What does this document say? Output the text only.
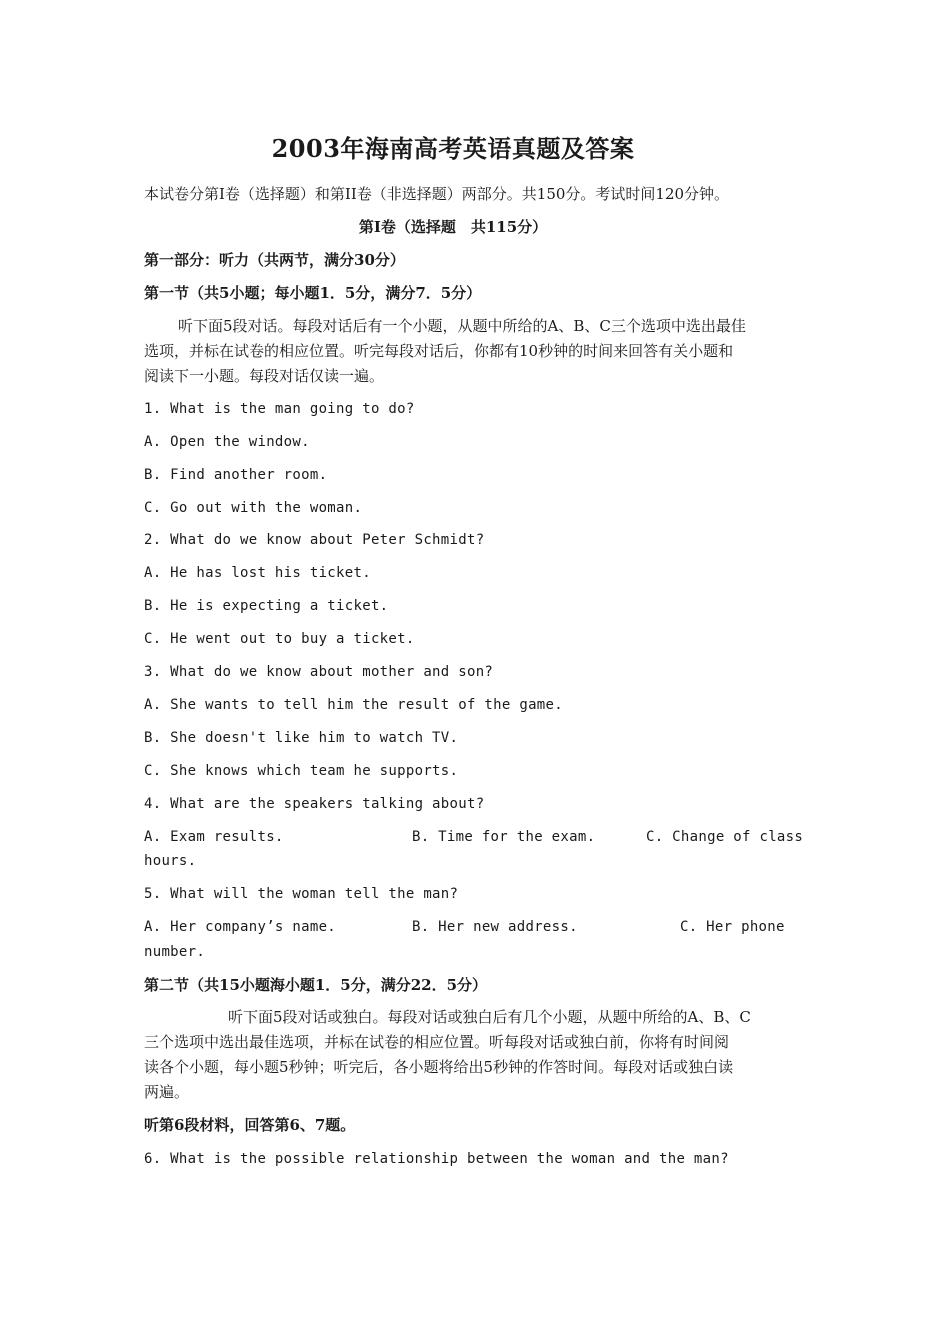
2003年海南高考英语真题及答案
本试卷分第Ⅰ卷（选择题）和第II卷（非选择题）两部分。共150分。考试时间120分钟。
第Ⅰ卷（选择题　共115分）
第一部分：听力（共两节，满分30分）
第一节（共5小题；每小题1．5分，满分7．5分）
听下面5段对话。每段对话后有一个小题，从题中所给的A、B、C三个选项中选出最佳
选项，并标在试卷的相应位置。听完每段对话后，你都有10秒钟的时间来回答有关小题和
阅读下一小题。每段对话仅读一遍。
1. What is the man going to do?
A. Open the window.
B. Find another room.
C. Go out with the woman.
2. What do we know about Peter Schmidt?
A. He has lost his ticket.
B. He is expecting a ticket.
C. He went out to buy a ticket.
3. What do we know about mother and son?
A. She wants to tell him the result of the game.
B. She doesn't like him to watch TV.
C. She knows which team he supports.
4. What are the speakers talking about?
A. Exam results.	B. Time for the exam.	C. Change of class
hours.
5. What will the woman tell the man?
A. Her company’s name.	B. Her new address.	C. Her phone
number.
第二节（共15小题海小题1．5分，满分22．5分）
听下面5段对话或独白。每段对话或独白后有几个小题，从题中所给的A、B、C
三个选项中选出最佳选项，并标在试卷的相应位置。听每段对话或独白前，你将有时间阅
读各个小题，每小题5秒钟；听完后，各小题将给出5秒钟的作答时间。每段对话或独白读
两遍。
听第6段材料，回答第6、7题。
6. What is the possible relationship between the woman and the man?
